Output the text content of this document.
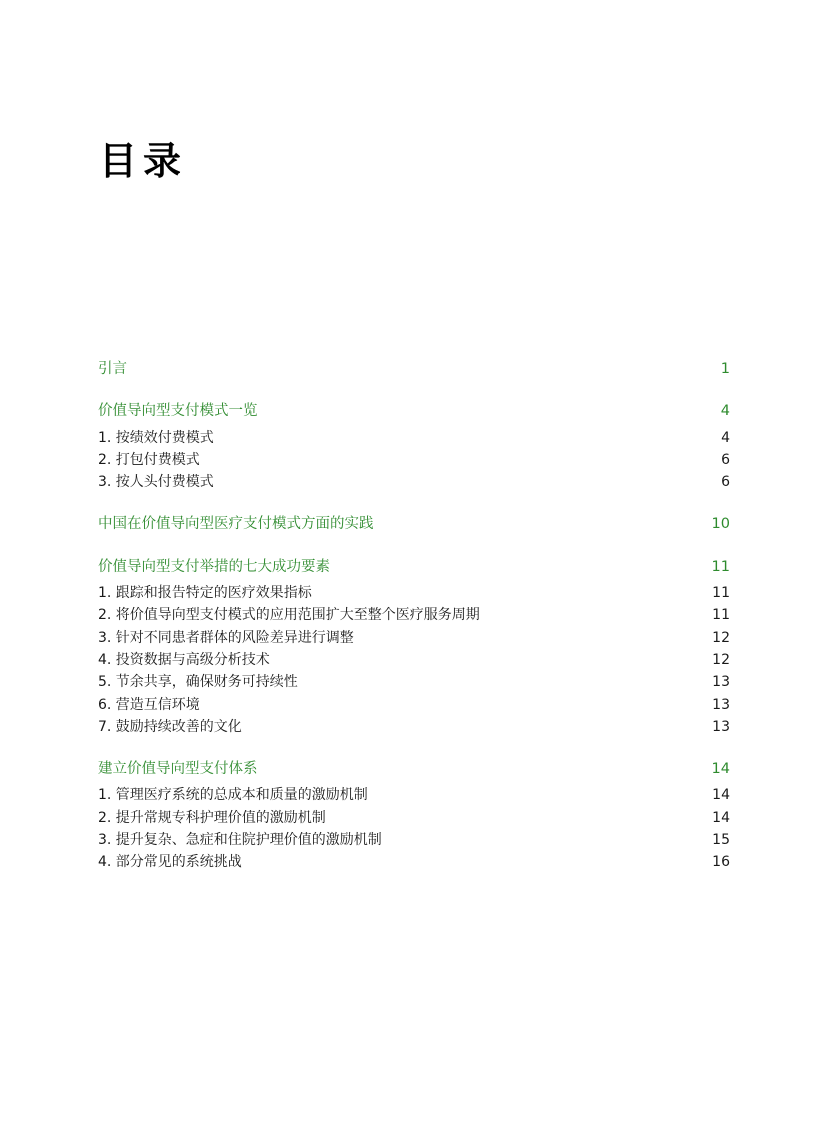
目录
引言	1
价值导向型支付模式一览	4
1. 按绩效付费模式	4
2. 打包付费模式	6
3. 按人头付费模式	6
中国在价值导向型医疗支付模式方面的实践	10
价值导向型支付举措的七大成功要素	11
1. 跟踪和报告特定的医疗效果指标	11
2. 将价值导向型支付模式的应用范围扩大至整个医疗服务周期	11
3. 针对不同患者群体的风险差异进行调整	12
4. 投资数据与高级分析技术	12
5. 节余共享，确保财务可持续性	13
6. 营造互信环境	13
7. 鼓励持续改善的文化	13
建立价值导向型支付体系	14
1. 管理医疗系统的总成本和质量的激励机制	14
2. 提升常规专科护理价值的激励机制	14
3. 提升复杂、急症和住院护理价值的激励机制	15
4. 部分常见的系统挑战	16
